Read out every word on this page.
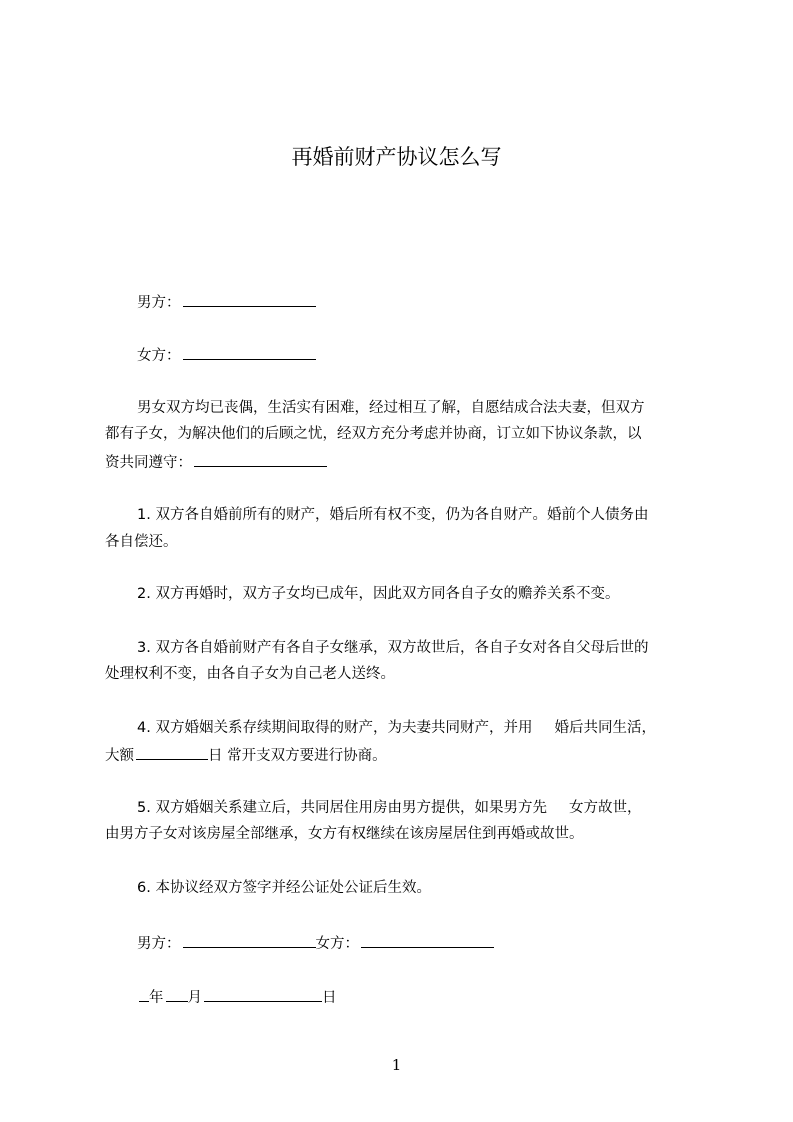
再婚前财产协议怎么写
男方：
女方：
男女双方均已丧偶，生活实有困难，经过相互了解，自愿结成合法夫妻，但双方
都有子女，为解决他们的后顾之忧，经双方充分考虑并协商，订立如下协议条款，以
资共同遵守：
1. 双方各自婚前所有的财产，婚后所有权不变，仍为各自财产。婚前个人债务由
各自偿还。
2. 双方再婚时，双方子女均已成年，因此双方同各自子女的赡养关系不变。
3. 双方各自婚前财产有各自子女继承，双方故世后，各自子女对各自父母后世的
处理权利不变，由各自子女为自己老人送终。
4. 双方婚姻关系存续期间取得的财产，为夫妻共同财产，并用 婚后共同生活，
大额	日 常开支双方要进行协商。
5. 双方婚姻关系建立后，共同居住用房由男方提供，如果男方先 女方故世，
由男方子女对该房屋全部继承，女方有权继续在该房屋居住到再婚或故世。
6. 本协议经双方签字并经公证处公证后生效。
男方：	女方：
年 月	日
1
